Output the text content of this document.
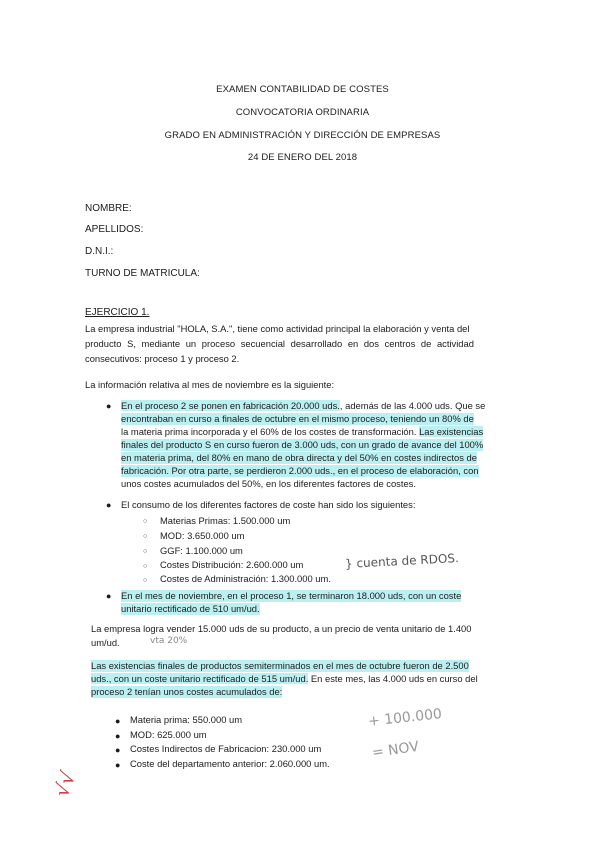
EXAMEN CONTABILIDAD DE COSTES
CONVOCATORIA ORDINARIA
GRADO EN ADMINISTRACIÓN Y DIRECCIÓN DE EMPRESAS
24 DE ENERO DEL 2018
NOMBRE:
APELLIDOS:
D.N.I.:
TURNO DE MATRICULA:
EJERCICIO 1.
La empresa industrial "HOLA, S.A.", tiene como actividad principal la elaboración y venta del
producto S, mediante un proceso secuencial desarrollado en dos centros de actividad
consecutivos: proceso 1 y proceso 2.
La información relativa al mes de noviembre es la siguiente:
● En el proceso 2 se ponen en fabricación 20.000 uds., además de las 4.000 uds. Que se
encontraban en curso a finales de octubre en el mismo proceso, teniendo un 80% de
la materia prima incorporada y el 60% de los costes de transformación. Las existencias
finales del producto S en curso fueron de 3.000 uds, con un grado de avance del 100%
en materia prima, del 80% en mano de obra directa y del 50% en costes indirectos de
fabricación. Por otra parte, se perdieron 2.000 uds., en el proceso de elaboración, con
unos costes acumulados del 50%, en los diferentes factores de costes.
● El consumo de los diferentes factores de coste han sido los siguientes:
○ Materias Primas: 1.500.000 um
○ MOD: 3.650.000 um
○ GGF: 1.100.000 um
○ Costes Distribución: 2.600.000 um
○ Costes de Administración: 1.300.000 um.
} cuenta de RDOS.
● En el mes de noviembre, en el proceso 1, se terminaron 18.000 uds, con un coste
unitario rectificado de 510 um/ud.
La empresa logra vender 15.000 uds de su producto, a un precio de venta unitario de 1.400
um/ud.	vta 20%
Las existencias finales de productos semiterminados en el mes de octubre fueron de 2.500
uds., con un coste unitario rectificado de 515 um/ud. En este mes, las 4.000 uds en curso del
proceso 2 tenían unos costes acumulados de:
● Materia prima: 550.000 um
● MOD: 625.000 um
● Costes Indirectos de Fabricacion: 230.000 um
● Coste del departamento anterior: 2.060.000 um.
+ 100.000
= NOV
√√
